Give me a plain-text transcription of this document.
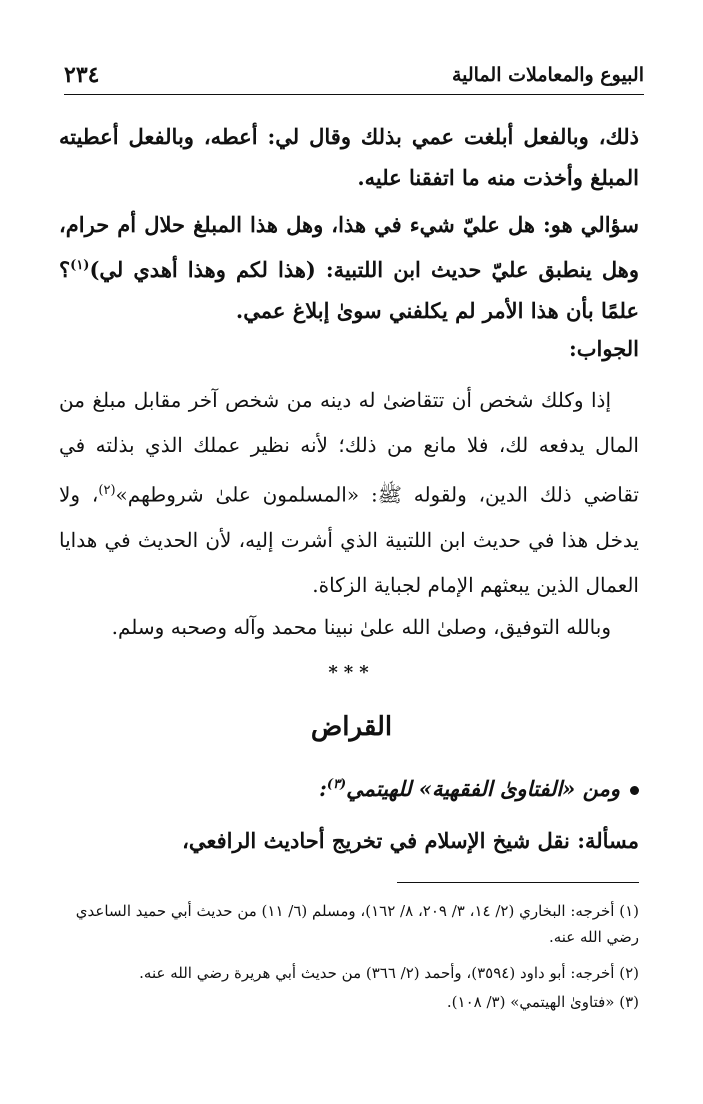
البيوع والمعاملات المالية
٢٣٤
ذلك، وبالفعل أبلغت عمي بذلك وقال لي: أعطه، وبالفعل أعطيته المبلغ وأخذت منه ما اتفقنا عليه.
سؤالي هو: هل عليّ شيء في هذا، وهل هذا المبلغ حلال أم حرام، وهل ينطبق عليّ حديث ابن اللتبية: (هذا لكم وهذا أهدي لي)$^{(١)}$؟ علمًا بأن هذا الأمر لم يكلفني سوىٰ إبلاغ عمي.
الجواب:
إذا وكلك شخص أن تتقاضىٰ له دينه من شخص آخر مقابل مبلغ من المال يدفعه لك، فلا مانع من ذلك؛ لأنه نظير عملك الذي بذلته في تقاضي ذلك الدين، ولقوله ﷺ: «المسلمون علىٰ شروطهم»$^{(٢)}$، ولا يدخل هذا في حديث ابن اللتبية الذي أشرت إليه، لأن الحديث في هدايا العمال الذين يبعثهم الإمام لجباية الزكاة.
وبالله التوفيق، وصلىٰ الله علىٰ نبينا محمد وآله وصحبه وسلم.
***
القراض
ومن «الفتاوىٰ الفقهية» للهيتمي$^{(٣)}$:
مسألة: نقل شيخ الإسلام في تخريج أحاديث الرافعي،
(١) أخرجه: البخاري (٢/ ١٤، ٣/ ٢٠٩، ٨/ ١٦٢)، ومسلم (٦/ ١١) من حديث أبي حميد الساعدي رضي الله عنه.
(٢) أخرجه: أبو داود (٣٥٩٤)، وأحمد (٢/ ٣٦٦) من حديث أبي هريرة رضي الله عنه.
(٣) «فتاوىٰ الهيتمي» (٣/ ١٠٨).
